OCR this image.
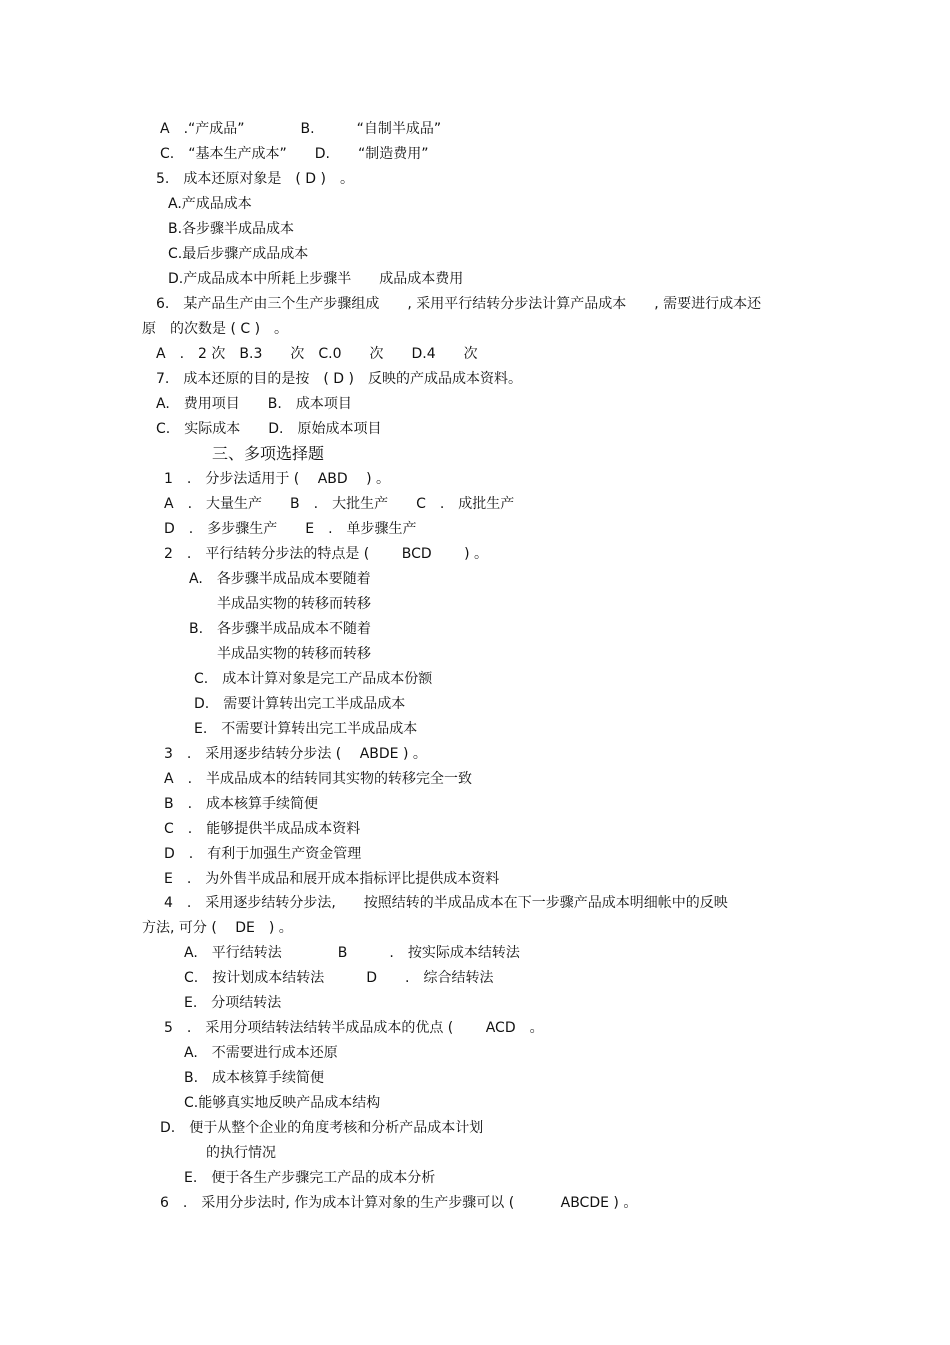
A　.“产成品”　　　　B.　　　“自制半成品”
C.　“基本生产成本”　　D.　　“制造费用”
5.　成本还原对象是　( D )　。
A.产成品成本
B.各步骤半成品成本
C.最后步骤产成品成本
D.产成品成本中所耗上步骤半　　成品成本费用
6.　某产品生产由三个生产步骤组成　　, 采用平行结转分步法计算产品成本　　, 需要进行成本还
原　的次数是 ( C )　。
A　.　2 次　B.3　　次　C.0　　次　　D.4　　次
7.　成本还原的目的是按　( D )　反映的产成品成本资料。
A.　费用项目　　B.　成本项目
C.　实际成本　　D.　原始成本项目
三、多项选择题
1　.　分步法适用于 (　 ABD　 ) 。
A　.　大量生产　　B　.　大批生产　　C　.　成批生产
D　.　多步骤生产　　E　.　单步骤生产
2　.　平行结转分步法的特点是 (　　 BCD　　 ) 。
A.　各步骤半成品成本要随着
半成品实物的转移而转移
B.　各步骤半成品成本不随着
半成品实物的转移而转移
C.　成本计算对象是完工产品成本份额
D.　需要计算转出完工半成品成本
E.　不需要计算转出完工半成品成本
3　.　采用逐步结转分步法 (　 ABDE ) 。
A　.　半成品成本的结转同其实物的转移完全一致
B　.　成本核算手续简便
C　.　能够提供半成品成本资料
D　.　有利于加强生产资金管理
E　.　为外售半成品和展开成本指标评比提供成本资料
4　.　采用逐步结转分步法,　　按照结转的半成品成本在下一步骤产品成本明细帐中的反映
方法, 可分 (　 DE　) 。
A.　平行结转法　　　　B　　　.　按实际成本结转法
C.　按计划成本结转法　　　D　　.　综合结转法
E.　分项结转法
5　.　采用分项结转法结转半成品成本的优点 (　　 ACD　。
A.　不需要进行成本还原
B.　成本核算手续简便
C.能够真实地反映产品成本结构
D.　便于从整个企业的角度考核和分析产品成本计划
的执行情况
E.　便于各生产步骤完工产品的成本分析
6　.　采用分步法时, 作为成本计算对象的生产步骤可以 (　　　 ABCDE ) 。
